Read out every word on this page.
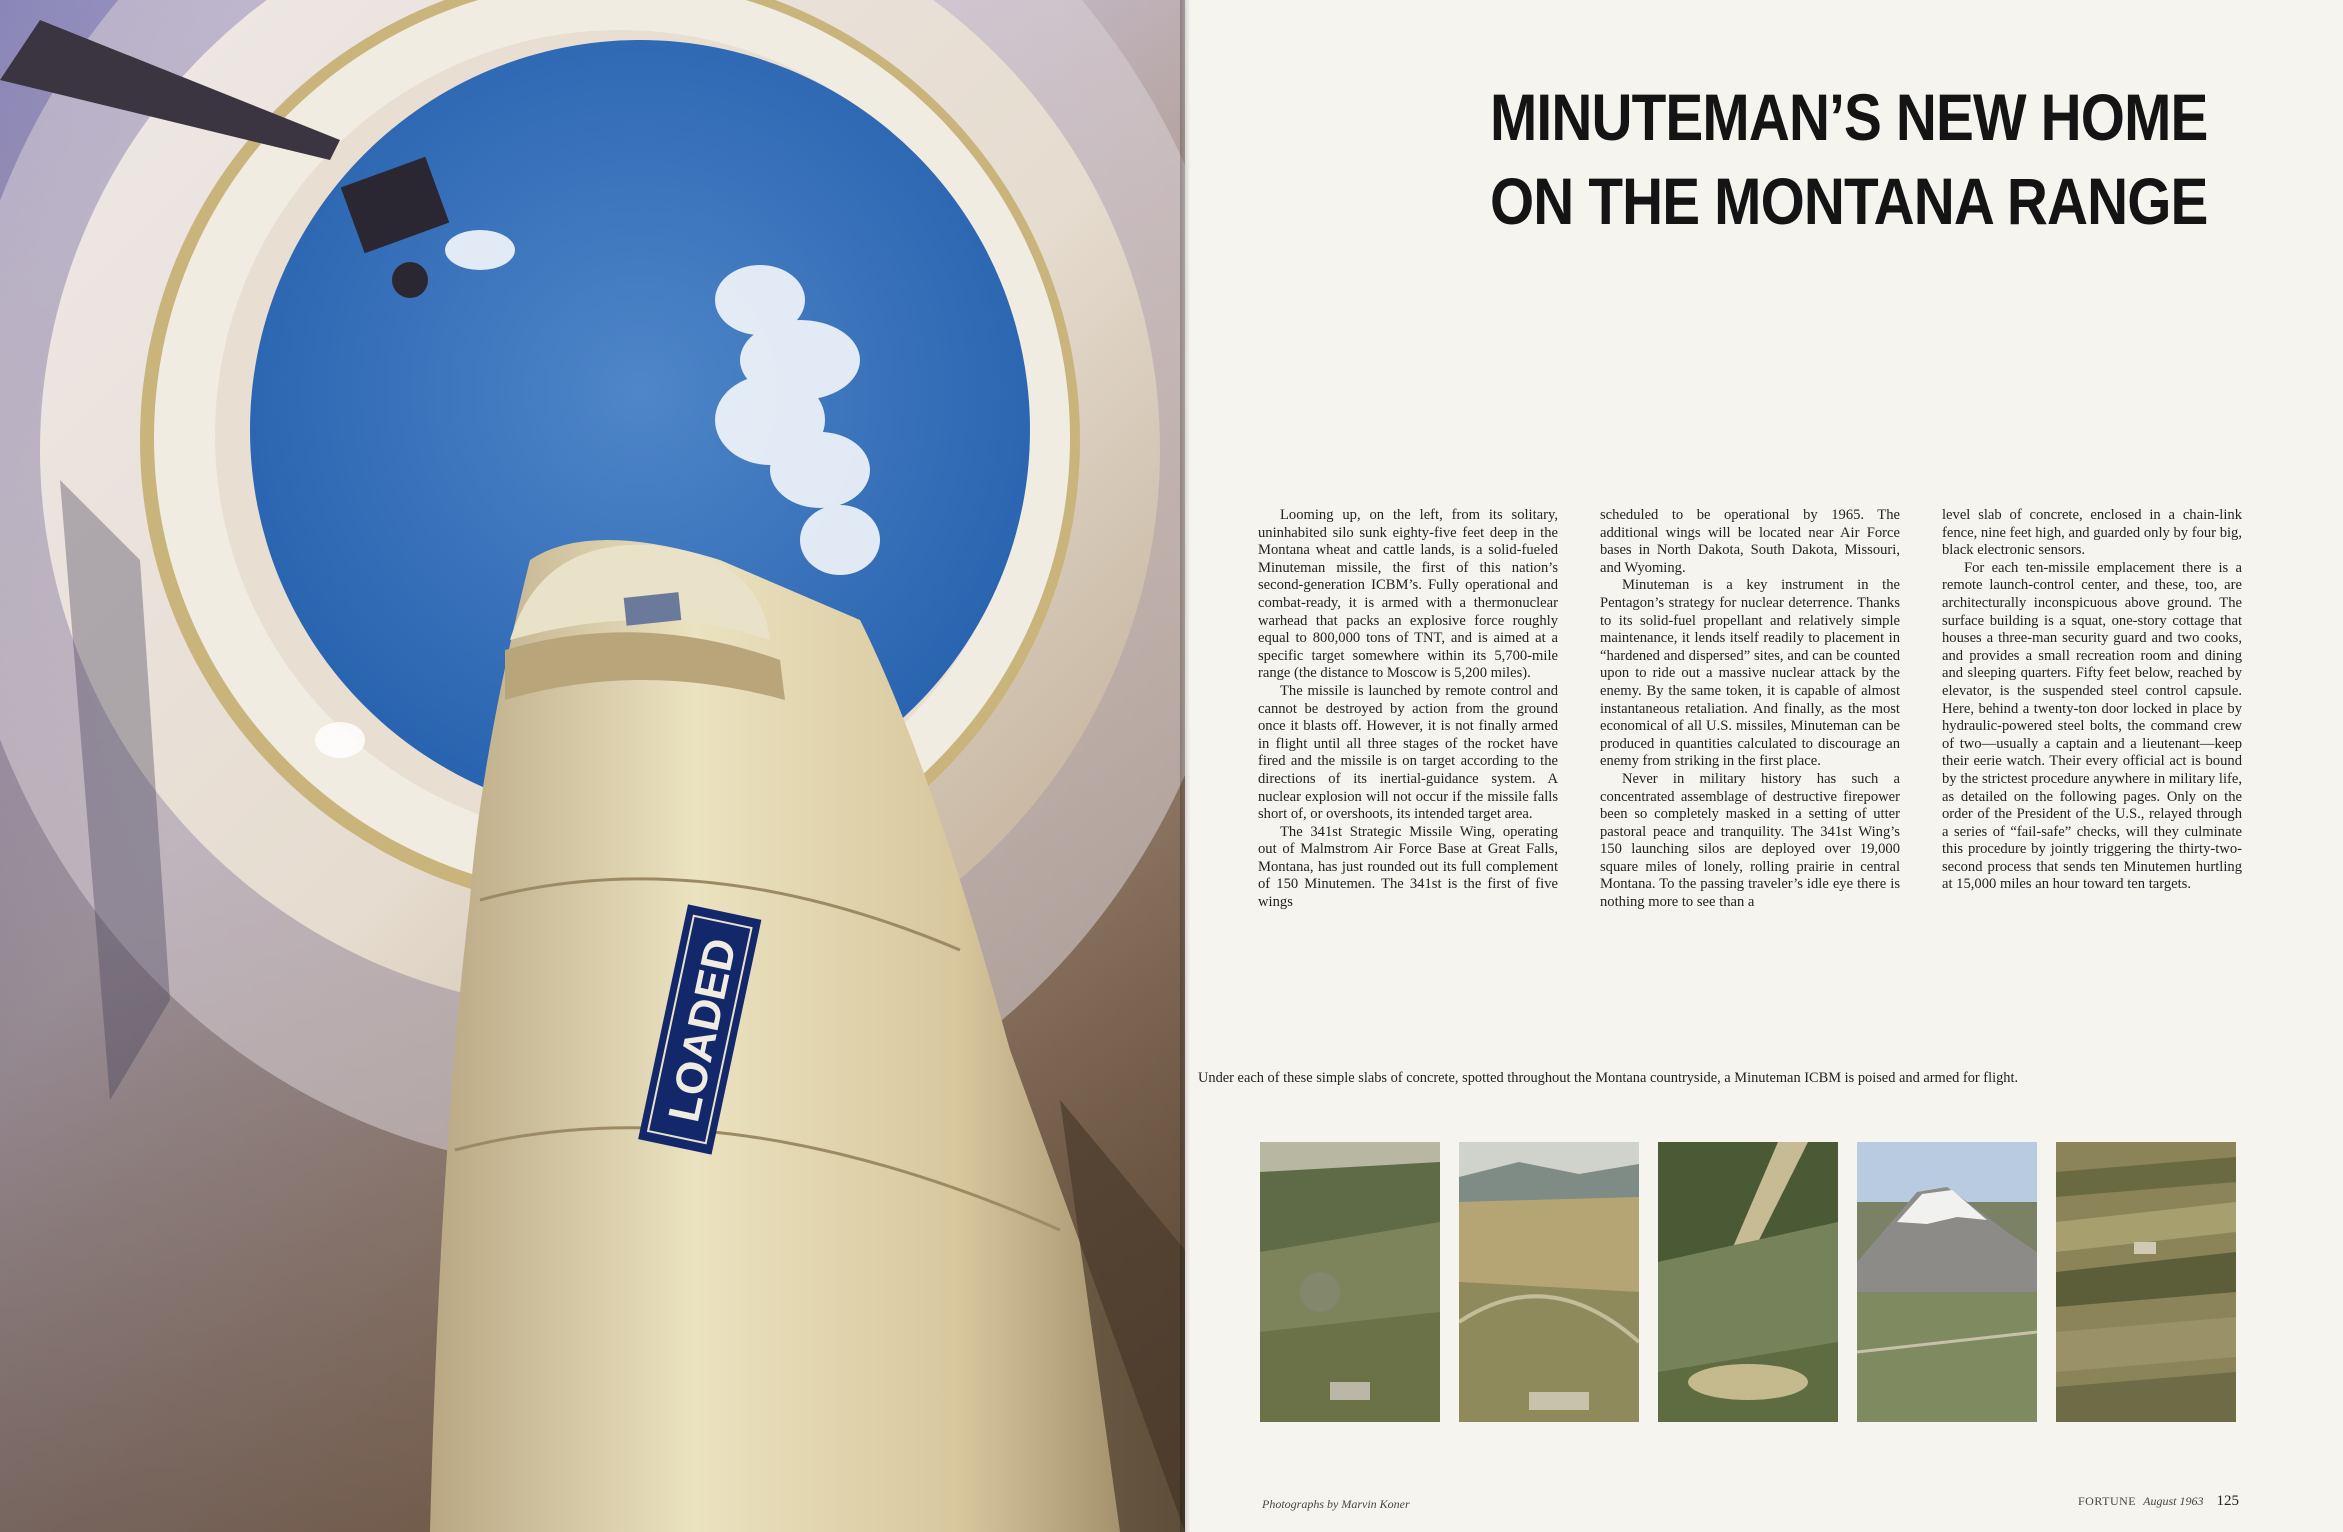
LOADED
MINUTEMAN’S NEW HOME
ON THE MONTANA RANGE

Looming up, on the left, from its solitary, uninhabited silo sunk eighty-five feet deep in the Montana wheat and cattle lands, is a solid-fueled Minuteman missile, the first of this nation’s second-generation ICBM’s. Fully operational and combat-ready, it is armed with a thermonuclear warhead that packs an explosive force roughly equal to 800,000 tons of TNT, and is aimed at a specific target somewhere within its 5,700-mile range (the distance to Moscow is 5,200 miles).

The missile is launched by remote control and cannot be destroyed by action from the ground once it blasts off. However, it is not finally armed in flight until all three stages of the rocket have fired and the missile is on target according to the directions of its inertial-guidance system. A nuclear explosion will not occur if the missile falls short of, or overshoots, its intended target area.

The 341st Strategic Missile Wing, operating out of Malmstrom Air Force Base at Great Falls, Montana, has just rounded out its full complement of 150 Minutemen. The 341st is the first of five wings

scheduled to be operational by 1965. The additional wings will be located near Air Force bases in North Dakota, South Dakota, Missouri, and Wyoming.

Minuteman is a key instrument in the Pentagon’s strategy for nuclear deterrence. Thanks to its solid-fuel propellant and relatively simple maintenance, it lends itself readily to placement in “hardened and dispersed” sites, and can be counted upon to ride out a massive nuclear attack by the enemy. By the same token, it is capable of almost instantaneous retaliation. And finally, as the most economical of all U.S. missiles, Minuteman can be produced in quantities calculated to discourage an enemy from striking in the first place.

Never in military history has such a concentrated assemblage of destructive firepower been so completely masked in a setting of utter pastoral peace and tranquility. The 341st Wing’s 150 launching silos are deployed over 19,000 square miles of lonely, rolling prairie in central Montana. To the passing traveler’s idle eye there is nothing more to see than a

level slab of concrete, enclosed in a chain-link fence, nine feet high, and guarded only by four big, black electronic sensors.

For each ten-missile emplacement there is a remote launch-control center, and these, too, are architecturally inconspicuous above ground. The surface building is a squat, one-story cottage that houses a three-man security guard and two cooks, and provides a small recreation room and dining and sleeping quarters. Fifty feet below, reached by elevator, is the suspended steel control capsule. Here, behind a twenty-ton door locked in place by hydraulic-powered steel bolts, the command crew of two—usually a captain and a lieutenant—keep their eerie watch. Their every official act is bound by the strictest procedure anywhere in military life, as detailed on the following pages. Only on the order of the President of the U.S., relayed through a series of “fail-safe” checks, will they culminate this procedure by jointly triggering the thirty-two-second process that sends ten Minutemen hurtling at 15,000 miles an hour toward ten targets.

Under each of these simple slabs of concrete, spotted throughout the Montana countryside, a Minuteman ICBM is poised and armed for flight.
Photographs by Marvin Koner	FORTUNE August 1963 125
